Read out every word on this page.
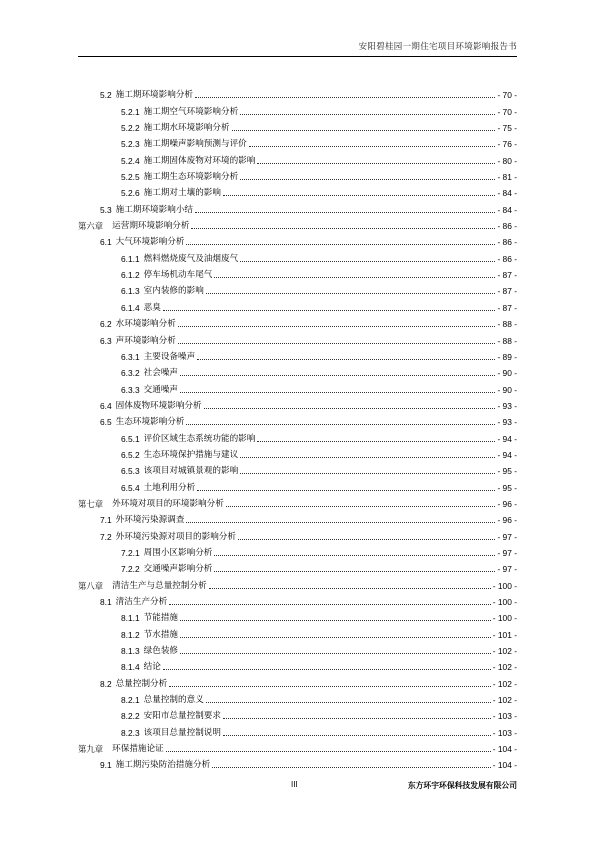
安阳碧桂园一期住宅项目环境影响报告书
5.2 施工期环境影响分析	- 70 -
5.2.1 施工期空气环境影响分析	- 70 -
5.2.2 施工期水环境影响分析	- 75 -
5.2.3 施工期噪声影响预测与评价	- 76 -
5.2.4 施工期固体废物对环境的影响	- 80 -
5.2.5 施工期生态环境影响分析	- 81 -
5.2.6 施工期对土壤的影响	- 84 -
5.3 施工期环境影响小结	- 84 -
第六章 运营期环境影响分析	- 86 -
6.1 大气环境影响分析	- 86 -
6.1.1 燃料燃烧废气及油烟废气	- 86 -
6.1.2 停车场机动车尾气	- 87 -
6.1.3 室内装修的影响	- 87 -
6.1.4 恶臭	- 87 -
6.2 水环境影响分析	- 88 -
6.3 声环境影响分析	- 88 -
6.3.1 主要设备噪声	- 89 -
6.3.2 社会噪声	- 90 -
6.3.3 交通噪声	- 90 -
6.4 固体废物环境影响分析	- 93 -
6.5 生态环境影响分析	- 93 -
6.5.1 评价区域生态系统功能的影响	- 94 -
6.5.2 生态环境保护措施与建议	- 94 -
6.5.3 该项目对城镇景观的影响	- 95 -
6.5.4 土地利用分析	- 95 -
第七章 外环境对项目的环境影响分析	- 96 -
7.1 外环境污染源调查	- 96 -
7.2 外环境污染源对项目的影响分析	- 97 -
7.2.1 周围小区影响分析	- 97 -
7.2.2 交通噪声影响分析	- 97 -
第八章 清洁生产与总量控制分析	- 100 -
8.1 清洁生产分析	- 100 -
8.1.1 节能措施	- 100 -
8.1.2 节水措施	- 101 -
8.1.3 绿色装修	- 102 -
8.1.4 结论	- 102 -
8.2 总量控制分析	- 102 -
8.2.1 总量控制的意义	- 102 -
8.2.2 安阳市总量控制要求	- 103 -
8.2.3 该项目总量控制说明	- 103 -
第九章 环保措施论证	- 104 -
9.1 施工期污染防治措施分析	- 104 -
III	东方环宇环保科技发展有限公司
